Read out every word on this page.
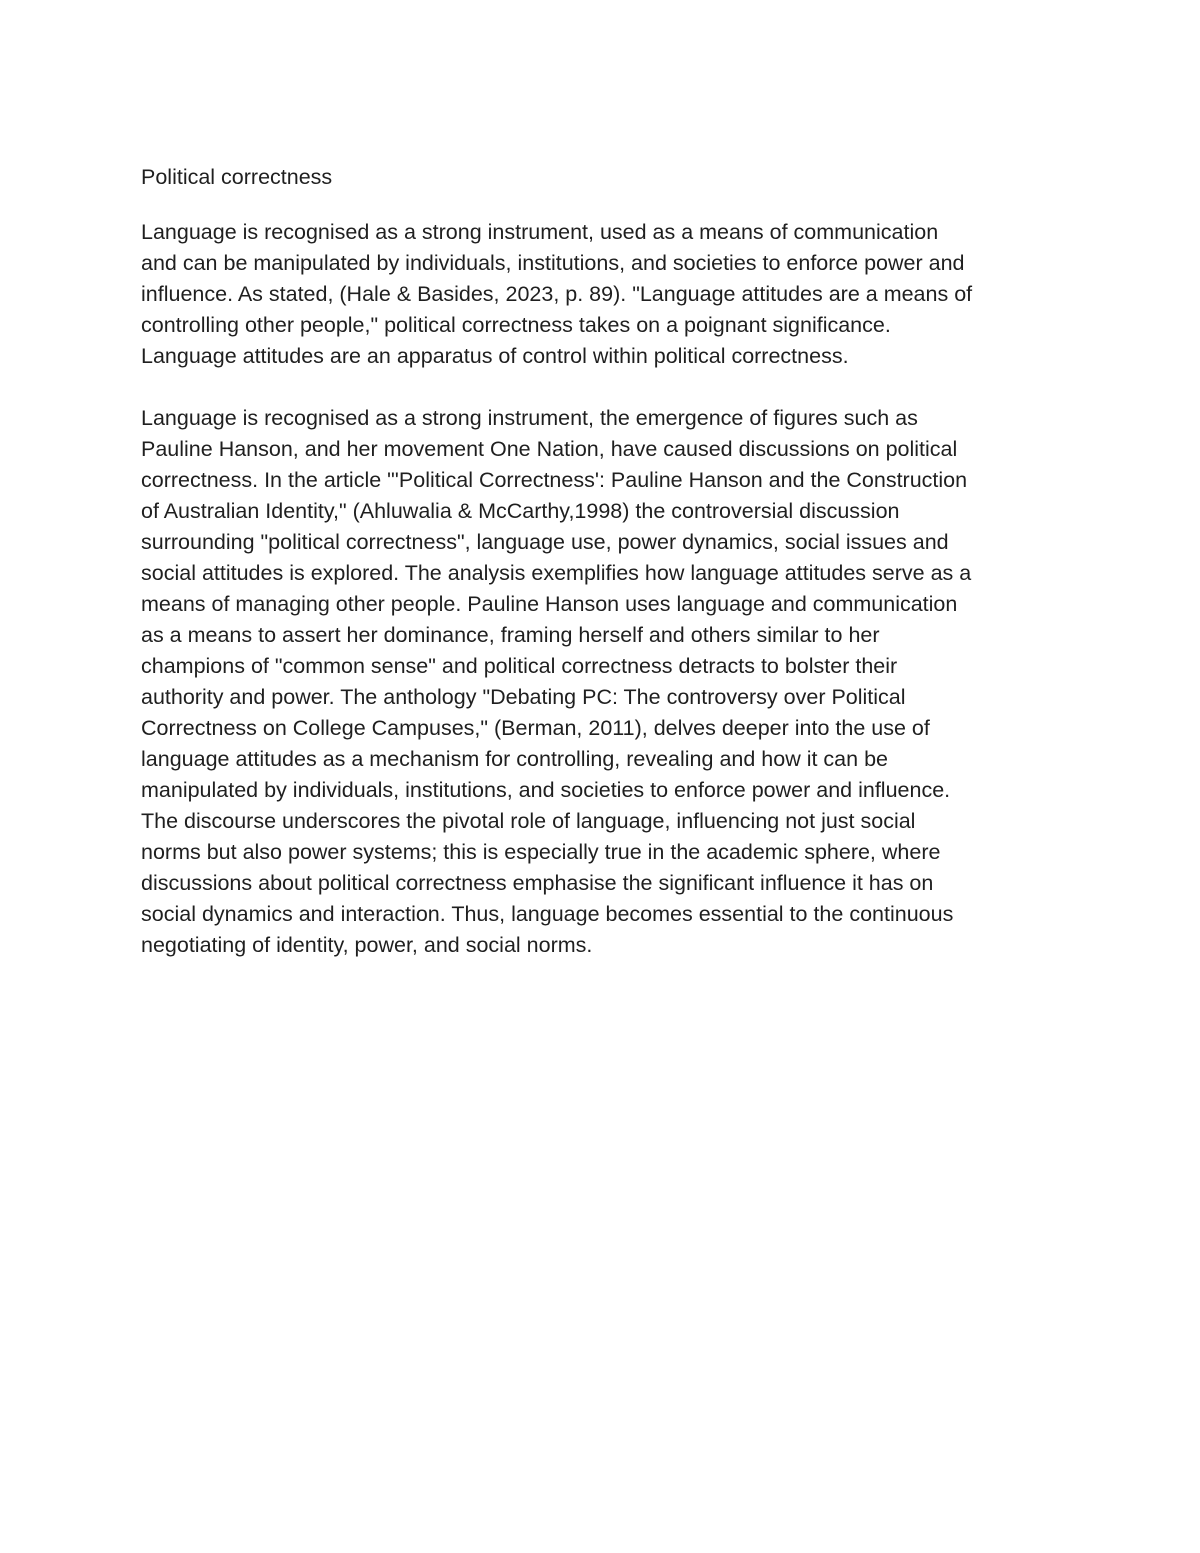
Political correctness

Language is recognised as a strong instrument, used as a means of communication
and can be manipulated by individuals, institutions, and societies to enforce power and
influence. As stated, (Hale & Basides, 2023, p. 89). "Language attitudes are a means of
controlling other people," political correctness takes on a poignant significance.
Language attitudes are an apparatus of control within political correctness.

Language is recognised as a strong instrument, the emergence of figures such as
Pauline Hanson, and her movement One Nation, have caused discussions on political
correctness. In the article "'Political Correctness': Pauline Hanson and the Construction
of Australian Identity," (Ahluwalia & McCarthy,1998) the controversial discussion
surrounding "political correctness", language use, power dynamics, social issues and
social attitudes is explored. The analysis exemplifies how language attitudes serve as a
means of managing other people. Pauline Hanson uses language and communication
as a means to assert her dominance, framing herself and others similar to her
champions of "common sense" and political correctness detracts to bolster their
authority and power. The anthology "Debating PC: The controversy over Political
Correctness on College Campuses," (Berman, 2011), delves deeper into the use of
language attitudes as a mechanism for controlling, revealing and how it can be
manipulated by individuals, institutions, and societies to enforce power and influence.
The discourse underscores the pivotal role of language, influencing not just social
norms but also power systems; this is especially true in the academic sphere, where
discussions about political correctness emphasise the significant influence it has on
social dynamics and interaction. Thus, language becomes essential to the continuous
negotiating of identity, power, and social norms.
